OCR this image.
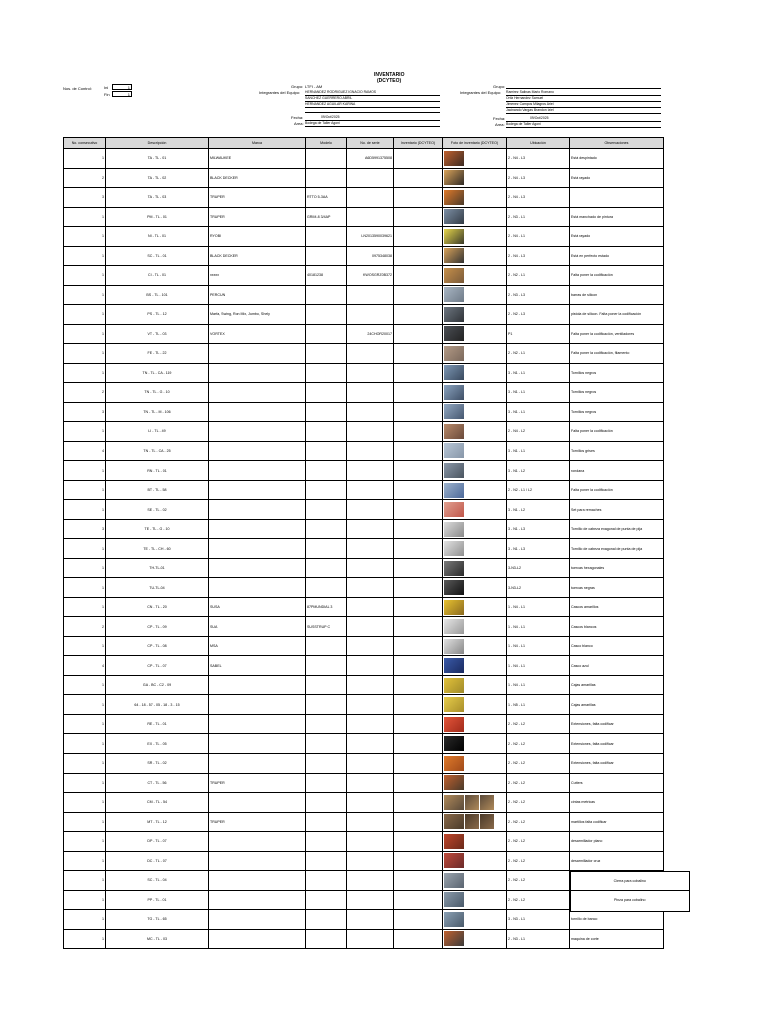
INVENTARIO
(DCYTEO)
Nos. de Control:	Ini	1
Fin	1
Grupo: LTFI - AM
Integrantes del Equipo: HERNANDEZ RODRIGUEZ IGNACIO RAMOS
SANCHEZ GUERRERO ABRIL
HERNANDEZ AGUILAR KARINA
Fecha:	09/Oct/2025
Area: Bodega de Taller Agoni
Grupo:
Integrantes del Equipo: Ramirez Salinas Mario Romano
Ortiz Hernandez Samuel
Jimenez Campos Milagros Ariel
Jacinando Vargas Brandon Iziel
Fecha:	09/Oct/2025
Area: Bodega de Taller Agoni
No. consecutivo	Descripción	Marca	Modelo	No. de serie	Inventario (DCYTEO)	Foto de inventario (DCYTEO)	Ubicación	Observaciones
1	TA - TL - 01	MILWAUKEE		A6D5991375508			2 - N4 - L3	Está despintado
2	TA - TL - 02	BLACK DECKER					2 - N4 - L3	Está rayado
3	TA - TL - 03	TRUPER	RTTO 5-3AA				2 - N4 - L3	
1	PM - TL - 01	TRUPER	GRIM-8 3/4AP				2 - N3 - L1	Está manchado de pintura
1	NI - TL - 01	RYOBI		LN2013590039621			2 - N4 - L1	Está rayado
1	SC - TL - 01	BLACK DECKER		0975348038			2 - N4 - L3	Está en perfecto estado
1	CI - TL - 01	xxxxx	40181238	KWOSGRZ0B372			2 - N2 - L1	Falta poner la codificación
1	BS - TL - 101	PERCUN					2 - N3 - L3	barras de silicon
1	PS - TL - 12	Marfa, Swing, Ron Mix, Jumbo, Shely					2 - N2 - L3	pistola de silicon. Falta poner la codificación
1	VT - TL - 03	VORTEX		24CHOR20017			P1	Falta poner la codificación, ventiladores
1	FE - TL - 22						2 - N2 - L1	Falta poner la codificación, filamento
1	TN - TL - CA - 119						3 - N1 - L1	Tornillos negros
2	TN - TL - G - 10						3 - N1 - L1	Tornillos negros
3	TN - TL - M - 106						3 - N1 - L1	Tornillos negros
1	LI - TL - 49						2 - N4 - L2	Falta poner la codificación
4	TN - TL - CA - 25						3 - N1 - L1	Tornillos grises
1	RN - TL - 01						3 - N1 - L2	rondana
1	BT - TL - 58						2 - N2 - L1 / L2	Falta poner la codificación
1	SE - TL - 02						3 - N1 - L2	Set para remaches
3	TE - TL - G - 10						3 - N1 - L3	Tornillo de cabeza exagonal de punta de pija
1	TE - TL - CH - 60						3 - N1 - L3	Tornillo de cabeza exagonal de punta de pija
1	TH-TL-01						3-N3-L2	tuercas hexagonales
1	TU-TL-04						3-N3-L2	tuercas negras
1	CN - TL - 20	SUSA	87PMUNDIAL 3				1 - N4 - L1	Cascos amarillos
2	CP - TL - 09	SUA	SUSSTRUP C				1 - N4 - L1	Cascos blancos
1	CP - TL - 08	MSA					1 - N4 - L1	Casco blanco
4	CP - TL - 07	SABEL					1 - N4 - L1	Casco azul
1	GA - BC - C2 - 09						1 - N4 - L1	Cajas amarillas
1	64 - 18 - 57 - 05 - 18 - 3 - 15						1 - N5 - L1	Cajas amarillas
1	RE - TL - 01						2 - N2 - L2	Extensiones, falta codificar
1	EX - TL - 05						2 - N2 - L2	Extensiones, falta codificar
1	SR - TL - 02						2 - N2 - L2	Extensiones, falta codificar
1	CT - TL - 56	TRUPER					2 - N2 - L2	Cutters
1	CM - TL - 54						2 - N2 - L2	cintas metricas
1	MT - TL - 12	TRUPER					2 - N2 - L2	martillos falta codificar
1	DP - TL - 07						2 - N2 - L2	desarmillador plano
1	DC - TL - 07						2 - N2 - L2	desarmillador cruz
1	SC - TL - 04						2 - N2 - L2	
1	PP - TL - 01						2 - N2 - L2	
1	TG - TL - 65						3 - N3 - L1	tornillo de banco
1	MC - TL - 03						2 - N3 - L1	maquina de corte
Cierra para cobalino
Pinza para cobalino
